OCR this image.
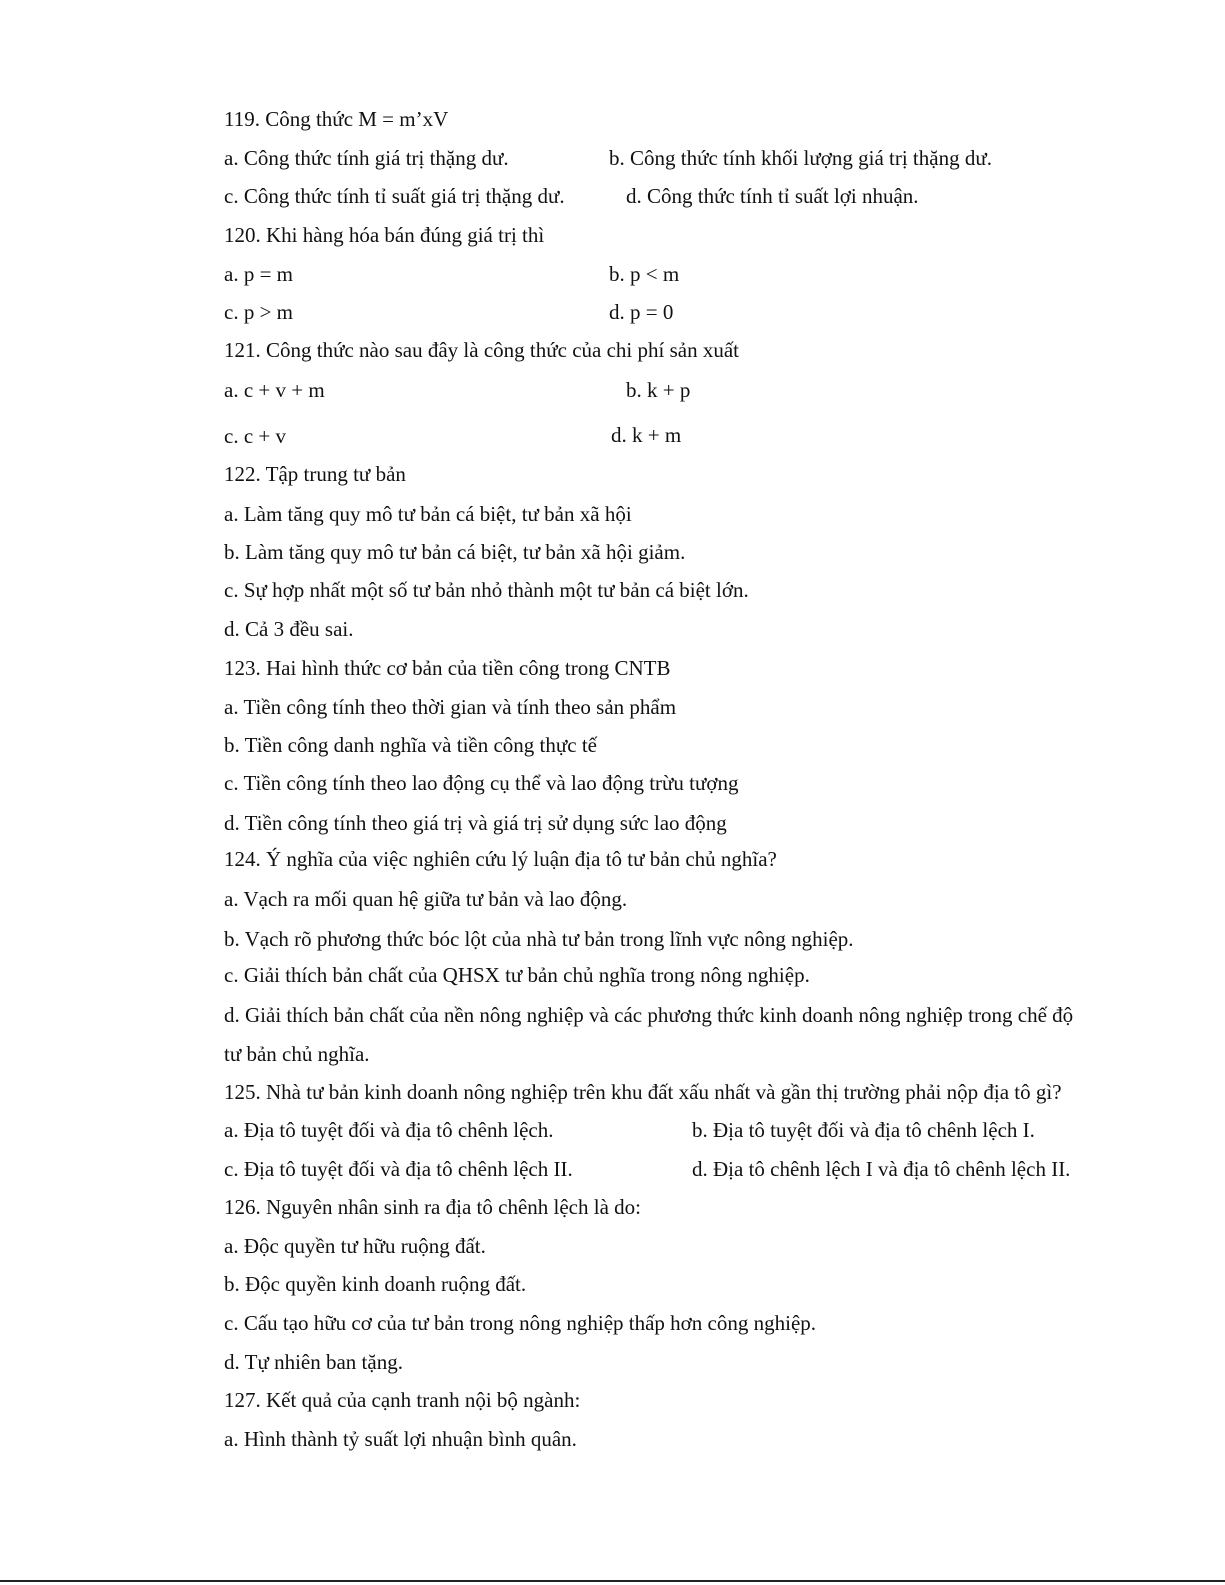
119. Công thức M = m’xV
a. Công thức tính giá trị thặng dư.	b. Công thức tính khối lượng giá trị thặng dư.
c. Công thức tính tỉ suất giá trị thặng dư.	d. Công thức tính tỉ suất lợi nhuận.
120. Khi hàng hóa bán đúng giá trị thì
a. p = m	b. p < m
c. p > m	d. p = 0
121. Công thức nào sau đây là công thức của chi phí sản xuất
a. c + v + m	b. k + p
c. c + v	d. k + m
122. Tập trung tư bản
a. Làm tăng quy mô tư bản cá biệt, tư bản xã hội
b. Làm tăng quy mô tư bản cá biệt, tư bản xã hội giảm.
c. Sự hợp nhất một số tư bản nhỏ thành một tư bản cá biệt lớn.
d. Cả 3 đều sai.
123. Hai hình thức cơ bản của tiền công trong CNTB
a. Tiền công tính theo thời gian và tính theo sản phẩm
b. Tiền công danh nghĩa và tiền công thực tế
c. Tiền công tính theo lao động cụ thể và lao động trừu tượng
d. Tiền công tính theo giá trị và giá trị sử dụng sức lao động
124. Ý nghĩa của việc nghiên cứu lý luận địa tô tư bản chủ nghĩa?
a. Vạch ra mối quan hệ giữa tư bản và lao động.
b. Vạch rõ phương thức bóc lột của nhà tư bản trong lĩnh vực nông nghiệp.
c. Giải thích bản chất của QHSX tư bản chủ nghĩa trong nông nghiệp.
d. Giải thích bản chất của nền nông nghiệp và các phương thức kinh doanh nông nghiệp trong chế độ
tư bản chủ nghĩa.
125. Nhà tư bản kinh doanh nông nghiệp trên khu đất xấu nhất và gần thị trường phải nộp địa tô gì?
a. Địa tô tuyệt đối và địa tô chênh lệch.	b. Địa tô tuyệt đối và địa tô chênh lệch I.
c. Địa tô tuyệt đối và địa tô chênh lệch II.	d. Địa tô chênh lệch I và địa tô chênh lệch II.
126. Nguyên nhân sinh ra địa tô chênh lệch là do:
a. Độc quyền tư hữu ruộng đất.
b. Độc quyền kinh doanh ruộng đất.
c. Cấu tạo hữu cơ của tư bản trong nông nghiệp thấp hơn công nghiệp.
d. Tự nhiên ban tặng.
127. Kết quả của cạnh tranh nội bộ ngành:
a. Hình thành tỷ suất lợi nhuận bình quân.
